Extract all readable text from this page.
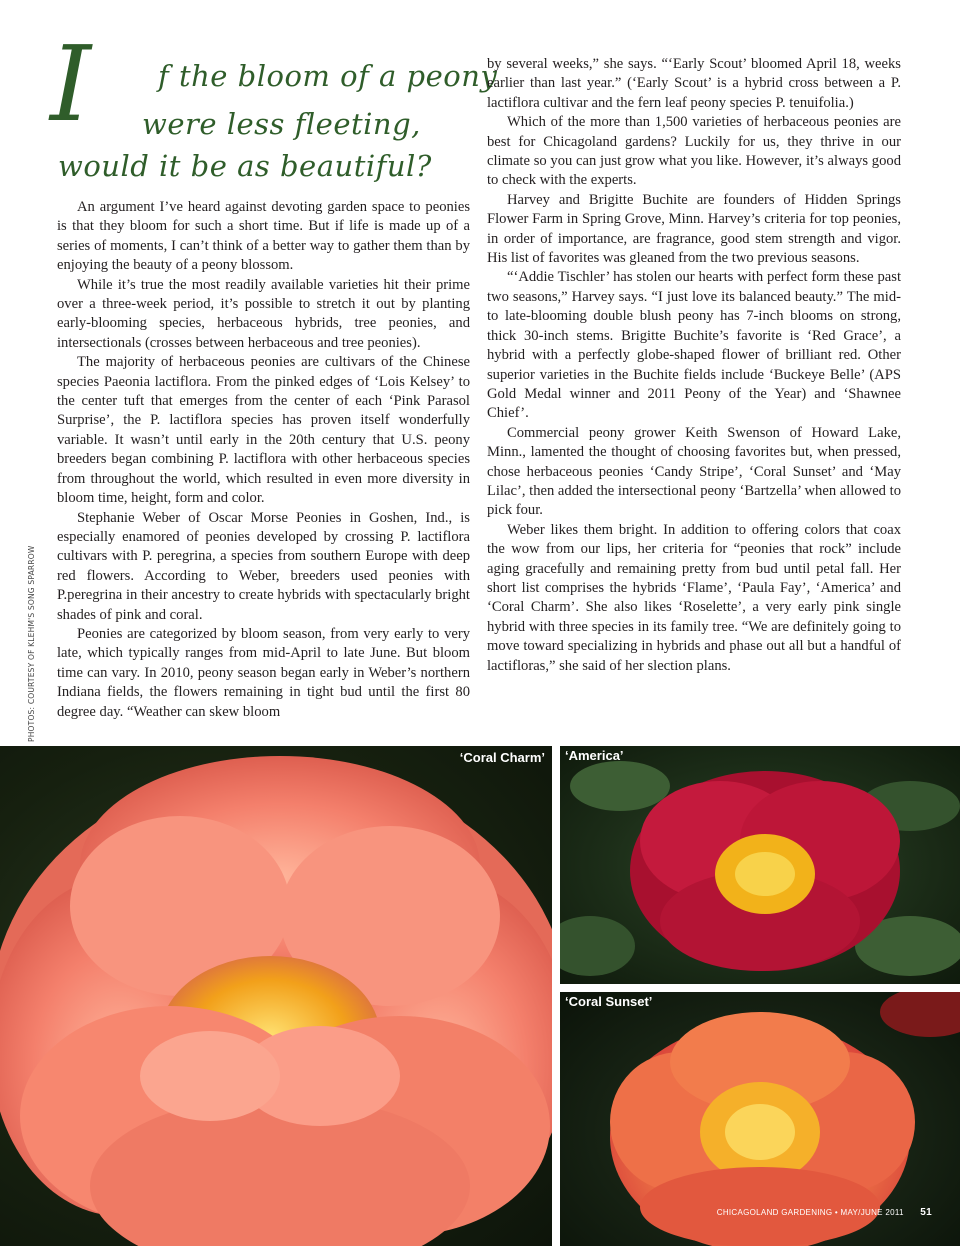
I f the bloom of a peony
were less fleeting,
would it be as beautiful?

An argument I’ve heard against devoting garden space to peonies is that they bloom for such a short time. But if life is made up of a series of moments, I can’t think of a better way to gather them than by enjoying the beauty of a peony blossom.

While it’s true the most readily available varieties hit their prime over a three-week period, it’s possible to stretch it out by planting early-blooming species, herbaceous hybrids, tree peonies, and intersectionals (crosses between herbaceous and tree peonies).

The majority of herbaceous peonies are cultivars of the Chinese species Paeonia lactiflora. From the pinked edges of ‘Lois Kelsey’ to the center tuft that emerges from the center of each ‘Pink Parasol Surprise’, the P. lactiflora species has proven itself wonderfully variable. It wasn’t until early in the 20th century that U.S. peony breeders began combining P. lactiflora with other herbaceous species from throughout the world, which resulted in even more diversity in bloom time, height, form and color.

Stephanie Weber of Oscar Morse Peonies in Goshen, Ind., is especially enamored of peonies developed by crossing P. lactiflora cultivars with P. peregrina, a species from southern Europe with deep red flowers. According to Weber, breeders used peonies with P.peregrina in their ancestry to create hybrids with spectacularly bright shades of pink and coral.

Peonies are categorized by bloom season, from very early to very late, which typically ranges from mid-April to late June. But bloom time can vary. In 2010, peony season began early in Weber’s northern Indiana fields, the flowers remaining in tight bud until the first 80 degree day. “Weather can skew bloom

by several weeks,” she says. “‘Early Scout’ bloomed April 18, weeks earlier than last year.” (‘Early Scout’ is a hybrid cross between a P. lactiflora cultivar and the fern leaf peony species P. tenuifolia.)

Which of the more than 1,500 varieties of herbaceous peonies are best for Chicagoland gardens? Luckily for us, they thrive in our climate so you can just grow what you like. However, it’s always good to check with the experts.

Harvey and Brigitte Buchite are founders of Hidden Springs Flower Farm in Spring Grove, Minn. Harvey’s criteria for top peonies, in order of importance, are fragrance, good stem strength and vigor. His list of favorites was gleaned from the two previous seasons.

“‘Addie Tischler’ has stolen our hearts with perfect form these past two seasons,” Harvey says. “I just love its balanced beauty.” The mid- to late-blooming double blush peony has 7-inch blooms on strong, thick 30-inch stems. Brigitte Buchite’s favorite is ‘Red Grace’, a hybrid with a perfectly globe-shaped flower of brilliant red. Other superior varieties in the Buchite fields include ‘Buckeye Belle’ (APS Gold Medal winner and 2011 Peony of the Year) and ‘Shawnee Chief’.

Commercial peony grower Keith Swenson of Howard Lake, Minn., lamented the thought of choosing favorites but, when pressed, chose herbaceous peonies ‘Candy Stripe’, ‘Coral Sunset’ and ‘May Lilac’, then added the intersectional peony ‘Bartzella’ when allowed to pick four.

Weber likes them bright. In addition to offering colors that coax the wow from our lips, her criteria for “peonies that rock” include aging gracefully and remaining pretty from bud until petal fall. Her short list comprises the hybrids ‘Flame’, ‘Paula Fay’, ‘America’ and ‘Coral Charm’. She also likes ‘Roselette’, a very early pink single hybrid with three species in its family tree. “We are definitely going to move toward specializing in hybrids and phase out all but a handful of lactifloras,” she said of her slection plans.

PHOTOS: COURTESY OF KLEHM'S SONG SPARROW
‘Coral Charm’ ‘America’
‘Coral Sunset’
CHICAGOLAND GARDENING • MAY/JUNE 2011 51
